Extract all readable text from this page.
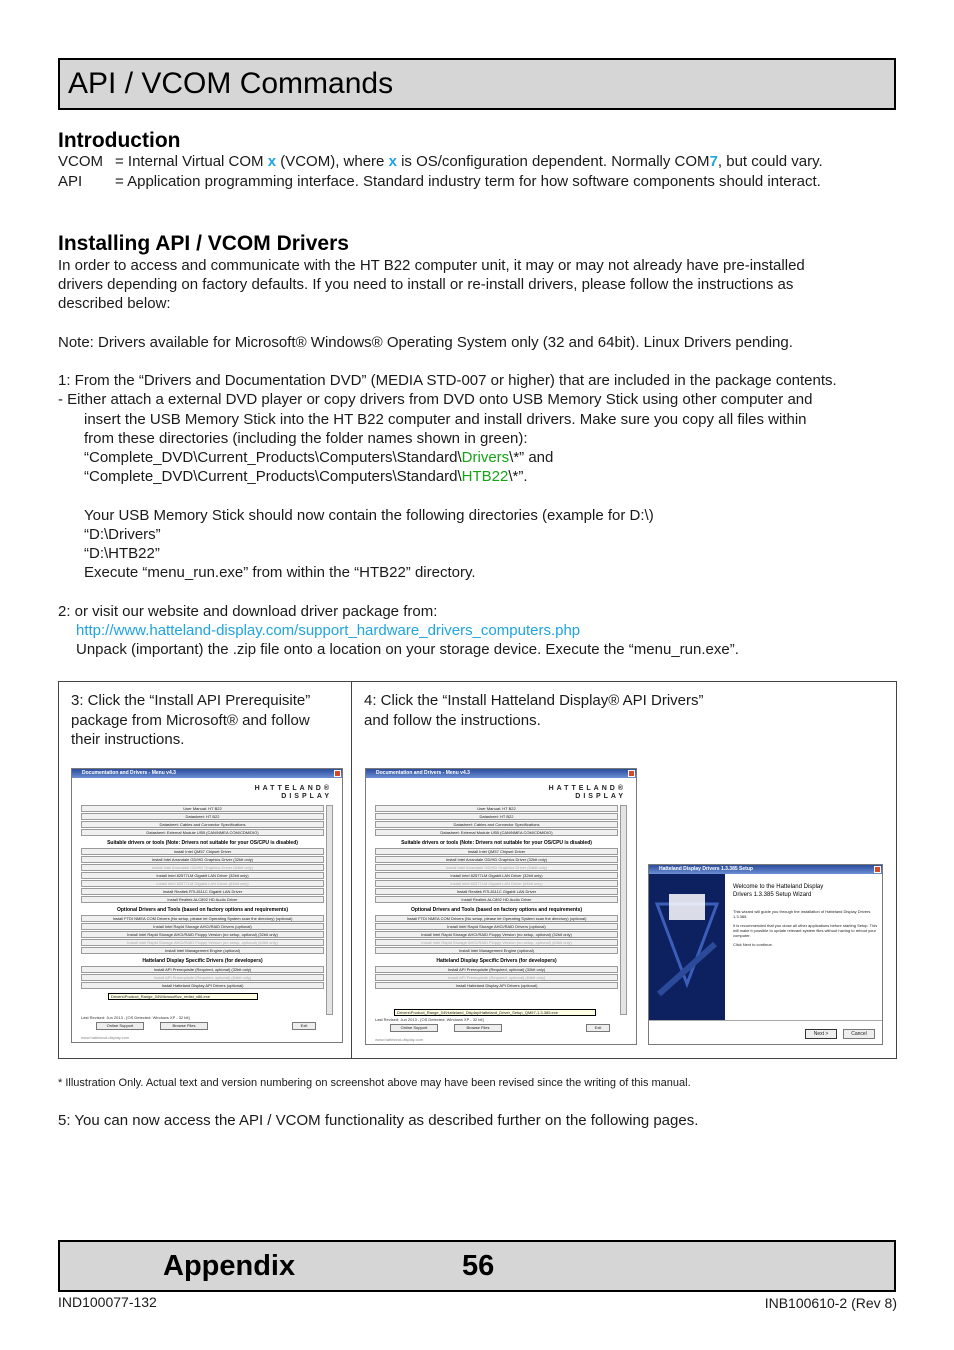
API / VCOM Commands
Introduction
VCOM = Internal Virtual COM x (VCOM), where x is OS/configuration dependent. Normally COM7, but could vary.
API = Application programming interface. Standard industry term for how software components should interact.
Installing API / VCOM Drivers
In order to access and communicate with the HT B22 computer unit, it may or may not already have pre-installed
drivers depending on factory defaults. If you need to install or re-install drivers, please follow the instructions as
described below:
Note: Drivers available for Microsoft® Windows® Operating System only (32 and 64bit). Linux Drivers pending.
1: From the “Drivers and Documentation DVD” (MEDIA STD-007 or higher) that are included in the package contents.
- Either attach a external DVD player or copy drivers from DVD onto USB Memory Stick using other computer and
insert the USB Memory Stick into the HT B22 computer and install drivers. Make sure you copy all files within
from these directories (including the folder names shown in green):
“Complete_DVD\Current_Products\Computers\Standard\Drivers\*” and
“Complete_DVD\Current_Products\Computers\Standard\HTB22\*”.
Your USB Memory Stick should now contain the following directories (example for D:\)
“D:\Drivers”
“D:\HTB22”
Execute “menu_run.exe” from within the “HTB22” directory.
2: or visit our website and download driver package from:
http://www.hatteland-display.com/support_hardware_drivers_computers.php
Unpack (important) the .zip file onto a location on your storage device. Execute the “menu_run.exe”.
3: Click the “Install API Prerequisite”
package from Microsoft® and follow
their instructions.
4: Click the “Install Hatteland Display® API Drivers”
and follow the instructions.
Documentation and Drivers - Menu v4.3
HATTELAND®
DISPLAY
User Manual: HT B22
Datasheet: HT B22
Datasheet: Cables and Connector Specifications
Datasheet: External Module USB (CAN/NMEA COM/CDM/DIO)
Suitable drivers or tools (Note: Drivers not suitable for your OS/CPU is disabled)
Install Intel QM57 Chipset Driver
Install Intel Arrandale GD/HD Graphics Driver (32bit only)
Install Intel Arrandale GD/HD Graphics Driver (64bit only)
Install Intel 82577LM Gigabit LAN Driver (32bit only)
Install Intel 82577LM Gigabit LAN Driver (64bit only)
Install Realtek RTL8111C Gigabit LAN Driver
Install Realtek ALC892 HD Audio Driver
Optional Drivers and Tools (based on factory options and requirements)
Install FTDI NMEA COM Drivers (No setup, please let Operating System scan the directory) (optional)
Install Intel Rapid Storage AHCI/RAID Drivers (optional)
Install Intel Rapid Storage AHCI/RAID Floppy Version (no setup, optional) (32bit only)
Install Intel Rapid Storage AHCI/RAID Floppy Version (no setup, optional) (64bit only)
Install Intel Management Engine (optional)
Hatteland Display Specific Drivers (for developers)
Install API Prerequisite (Required, optional) (32bit only)
Install API Prerequisite (Required, optional) (64bit only)
Install Hatteland Display API Drivers (optional)
Drivers\Product_Range_04\Microsoft\vc_redist_x86.exe
Last Revised: Jun 2013 - [OS Detected: Windows XP - 32 bit]
Online Support	Browse Files	Exit
www.hatteland-display.com
Documentation and Drivers - Menu v4.3
HATTELAND®
DISPLAY
User Manual: HT B22
Datasheet: HT B22
Datasheet: Cables and Connector Specifications
Datasheet: External Module USB (CAN/NMEA COM/CDM/DIO)
Suitable drivers or tools (Note: Drivers not suitable for your OS/CPU is disabled)
Install Intel QM57 Chipset Driver
Install Intel Arrandale GD/HD Graphics Driver (32bit only)
Install Intel Arrandale GD/HD Graphics Driver (64bit only)
Install Intel 82577LM Gigabit LAN Driver (32bit only)
Install Intel 82577LM Gigabit LAN Driver (64bit only)
Install Realtek RTL8111C Gigabit LAN Driver
Install Realtek ALC892 HD Audio Driver
Optional Drivers and Tools (based on factory options and requirements)
Install FTDI NMEA COM Drivers (No setup, please let Operating System scan the directory) (optional)
Install Intel Rapid Storage AHCI/RAID Drivers (optional)
Install Intel Rapid Storage AHCI/RAID Floppy Version (no setup, optional) (32bit only)
Install Intel Rapid Storage AHCI/RAID Floppy Version (no setup, optional) (64bit only)
Install Intel Management Engine (optional)
Hatteland Display Specific Drivers (for developers)
Install API Prerequisite (Required, optional) (32bit only)
Install API Prerequisite (Required, optional) (64bit only)
Install Hatteland Display API Drivers (optional)
Drivers\Product_Range_04\Hatteland_Display\Hatteland_Driver_Setup_QM57-1.3.385.exe
Last Revised: Jun 2013 - [OS Detected: Windows XP - 32 bit]
Online Support	Browse Files	Exit
www.hatteland-display.com
Hatteland Display Drivers 1.3.385 Setup
Welcome to the Hatteland Display
Drivers 1.3.385 Setup Wizard
This wizard will guide you through the installation of Hatteland Display Drivers 1.3.385.
It is recommended that you close all other applications before starting Setup. This will make it possible to update relevant system files without having to reboot your computer.
Click Next to continue.
Next >	Cancel
* Illustration Only. Actual text and version numbering on screenshot above may have been revised since the writing of this manual.
5: You can now access the API / VCOM functionality as described further on the following pages.
Appendix	56
IND100077-132	INB100610-2 (Rev 8)
